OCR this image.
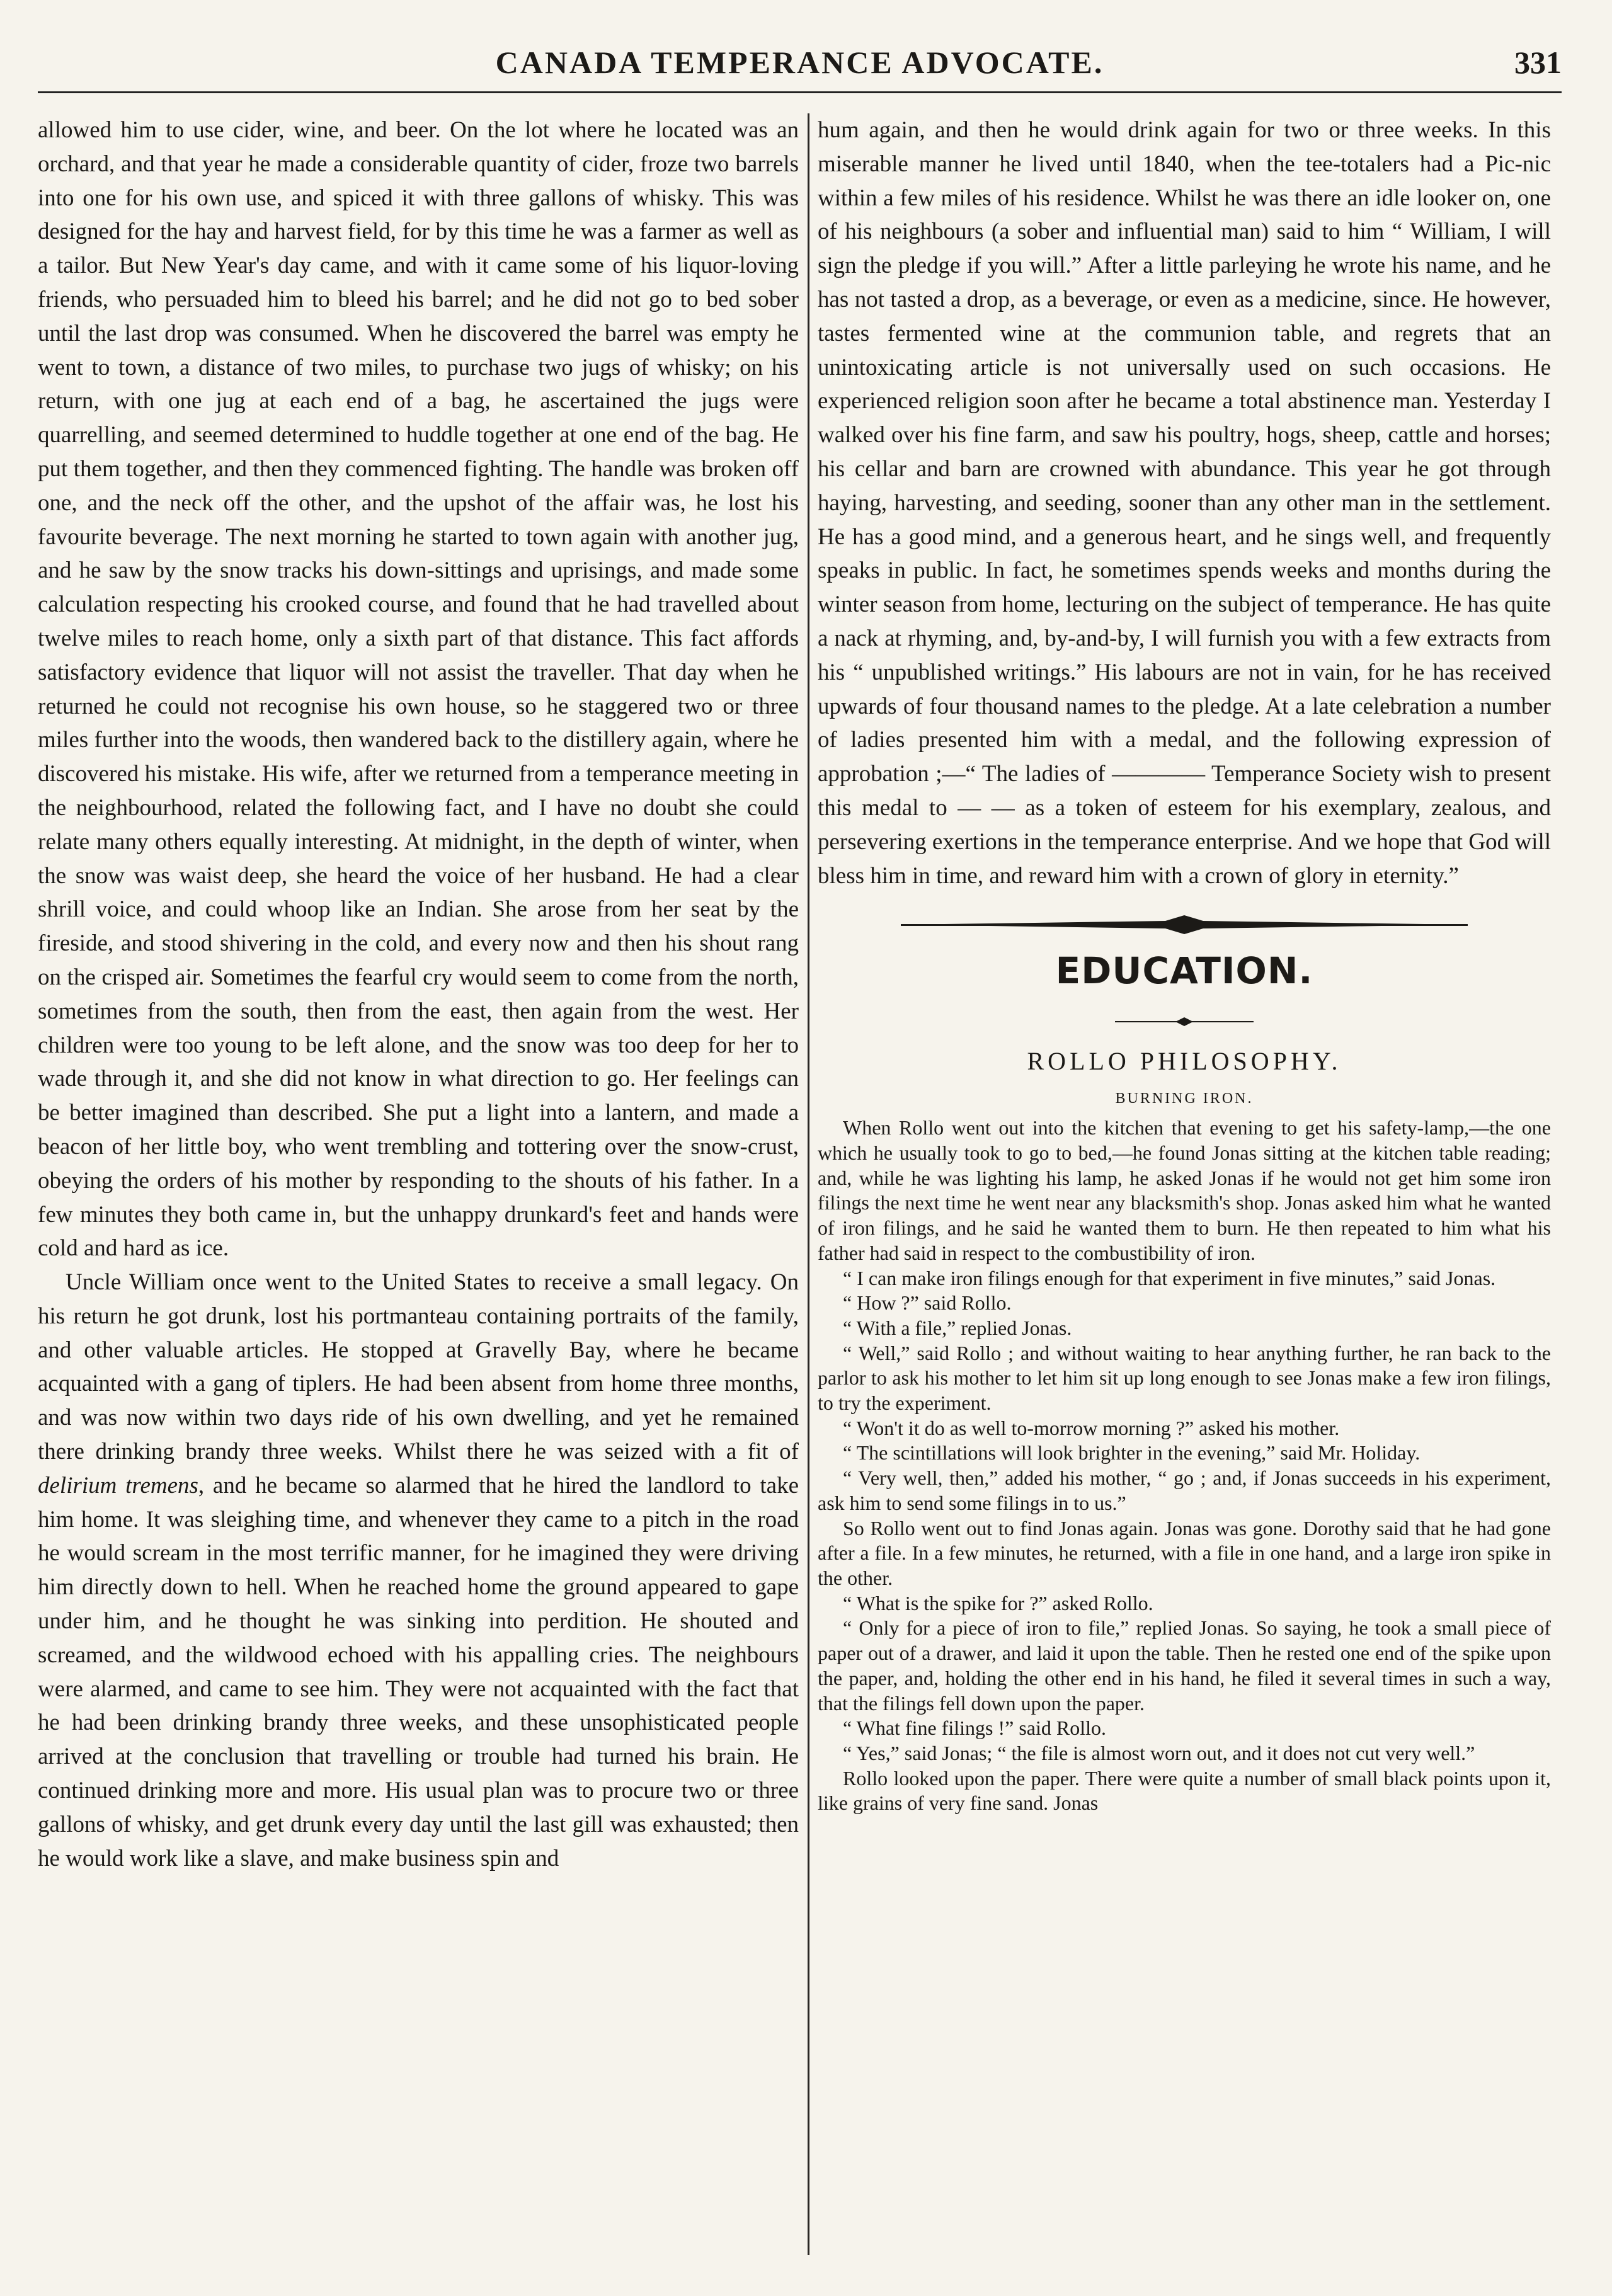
CANADA TEMPERANCE ADVOCATE.	331

allowed him to use cider, wine, and beer. On the lot where he located was an orchard, and that year he made a considerable quantity of cider, froze two barrels into one for his own use, and spiced it with three gallons of whisky. This was designed for the hay and harvest field, for by this time he was a farmer as well as a tailor. But New Year's day came, and with it came some of his liquor-loving friends, who persuaded him to bleed his barrel; and he did not go to bed sober until the last drop was consumed. When he discovered the barrel was empty he went to town, a distance of two miles, to purchase two jugs of whisky; on his return, with one jug at each end of a bag, he ascertained the jugs were quarrelling, and seemed determined to huddle together at one end of the bag. He put them together, and then they commenced fighting. The handle was broken off one, and the neck off the other, and the upshot of the affair was, he lost his favourite beverage. The next morning he started to town again with another jug, and he saw by the snow tracks his down-sittings and uprisings, and made some calculation respecting his crooked course, and found that he had travelled about twelve miles to reach home, only a sixth part of that distance. This fact affords satisfactory evidence that liquor will not assist the traveller. That day when he returned he could not recognise his own house, so he staggered two or three miles further into the woods, then wandered back to the distillery again, where he discovered his mistake. His wife, after we returned from a temperance meeting in the neighbourhood, related the following fact, and I have no doubt she could relate many others equally interesting. At midnight, in the depth of winter, when the snow was waist deep, she heard the voice of her husband. He had a clear shrill voice, and could whoop like an Indian. She arose from her seat by the fireside, and stood shivering in the cold, and every now and then his shout rang on the crisped air. Sometimes the fearful cry would seem to come from the north, sometimes from the south, then from the east, then again from the west. Her children were too young to be left alone, and the snow was too deep for her to wade through it, and she did not know in what direction to go. Her feelings can be better imagined than described. She put a light into a lantern, and made a beacon of her little boy, who went trembling and tottering over the snow-crust, obeying the orders of his mother by responding to the shouts of his father. In a few minutes they both came in, but the unhappy drunkard's feet and hands were cold and hard as ice.

Uncle William once went to the United States to receive a small legacy. On his return he got drunk, lost his portmanteau containing portraits of the family, and other valuable articles. He stopped at Gravelly Bay, where he became acquainted with a gang of tiplers. He had been absent from home three months, and was now within two days ride of his own dwelling, and yet he remained there drinking brandy three weeks. Whilst there he was seized with a fit of delirium tremens, and he became so alarmed that he hired the landlord to take him home. It was sleighing time, and whenever they came to a pitch in the road he would scream in the most terrific manner, for he imagined they were driving him directly down to hell. When he reached home the ground appeared to gape under him, and he thought he was sinking into perdition. He shouted and screamed, and the wildwood echoed with his appalling cries. The neighbours were alarmed, and came to see him. They were not acquainted with the fact that he had been drinking brandy three weeks, and these unsophisticated people arrived at the conclusion that travelling or trouble had turned his brain. He continued drinking more and more. His usual plan was to procure two or three gallons of whisky, and get drunk every day until the last gill was exhausted; then he would work like a slave, and make business spin and

hum again, and then he would drink again for two or three weeks. In this miserable manner he lived until 1840, when the tee-totalers had a Pic-nic within a few miles of his residence. Whilst he was there an idle looker on, one of his neighbours (a sober and influential man) said to him “ William, I will sign the pledge if you will.” After a little parleying he wrote his name, and he has not tasted a drop, as a beverage, or even as a medicine, since. He however, tastes fermented wine at the communion table, and regrets that an unintoxicating article is not universally used on such occasions. He experienced religion soon after he became a total abstinence man. Yesterday I walked over his fine farm, and saw his poultry, hogs, sheep, cattle and horses; his cellar and barn are crowned with abundance. This year he got through haying, harvesting, and seeding, sooner than any other man in the settlement. He has a good mind, and a generous heart, and he sings well, and frequently speaks in public. In fact, he sometimes spends weeks and months during the winter season from home, lecturing on the subject of temperance. He has quite a nack at rhyming, and, by-and-by, I will furnish you with a few extracts from his “ unpublished writings.” His labours are not in vain, for he has received upwards of four thousand names to the pledge. At a late celebration a number of ladies presented him with a medal, and the following expression of approbation ;—“ The ladies of ———— Temperance Society wish to present this medal to — — as a token of esteem for his exemplary, zealous, and persevering exertions in the temperance enterprise. And we hope that God will bless him in time, and reward him with a crown of glory in eternity.”

EDUCATION.

ROLLO PHILOSOPHY.

BURNING IRON.

When Rollo went out into the kitchen that evening to get his safety-lamp,—the one which he usually took to go to bed,—he found Jonas sitting at the kitchen table reading; and, while he was lighting his lamp, he asked Jonas if he would not get him some iron filings the next time he went near any blacksmith's shop. Jonas asked him what he wanted of iron filings, and he said he wanted them to burn. He then repeated to him what his father had said in respect to the combustibility of iron.

“ I can make iron filings enough for that experiment in five minutes,” said Jonas.

“ How ?” said Rollo.

“ With a file,” replied Jonas.

“ Well,” said Rollo ; and without waiting to hear anything further, he ran back to the parlor to ask his mother to let him sit up long enough to see Jonas make a few iron filings, to try the experiment.

“ Won't it do as well to-morrow morning ?” asked his mother.

“ The scintillations will look brighter in the evening,” said Mr. Holiday.

“ Very well, then,” added his mother, “ go ; and, if Jonas succeeds in his experiment, ask him to send some filings in to us.”

So Rollo went out to find Jonas again. Jonas was gone. Dorothy said that he had gone after a file. In a few minutes, he returned, with a file in one hand, and a large iron spike in the other.

“ What is the spike for ?” asked Rollo.

“ Only for a piece of iron to file,” replied Jonas. So saying, he took a small piece of paper out of a drawer, and laid it upon the table. Then he rested one end of the spike upon the paper, and, holding the other end in his hand, he filed it several times in such a way, that the filings fell down upon the paper.

“ What fine filings !” said Rollo.

“ Yes,” said Jonas; “ the file is almost worn out, and it does not cut very well.”

Rollo looked upon the paper. There were quite a number of small black points upon it, like grains of very fine sand. Jonas
